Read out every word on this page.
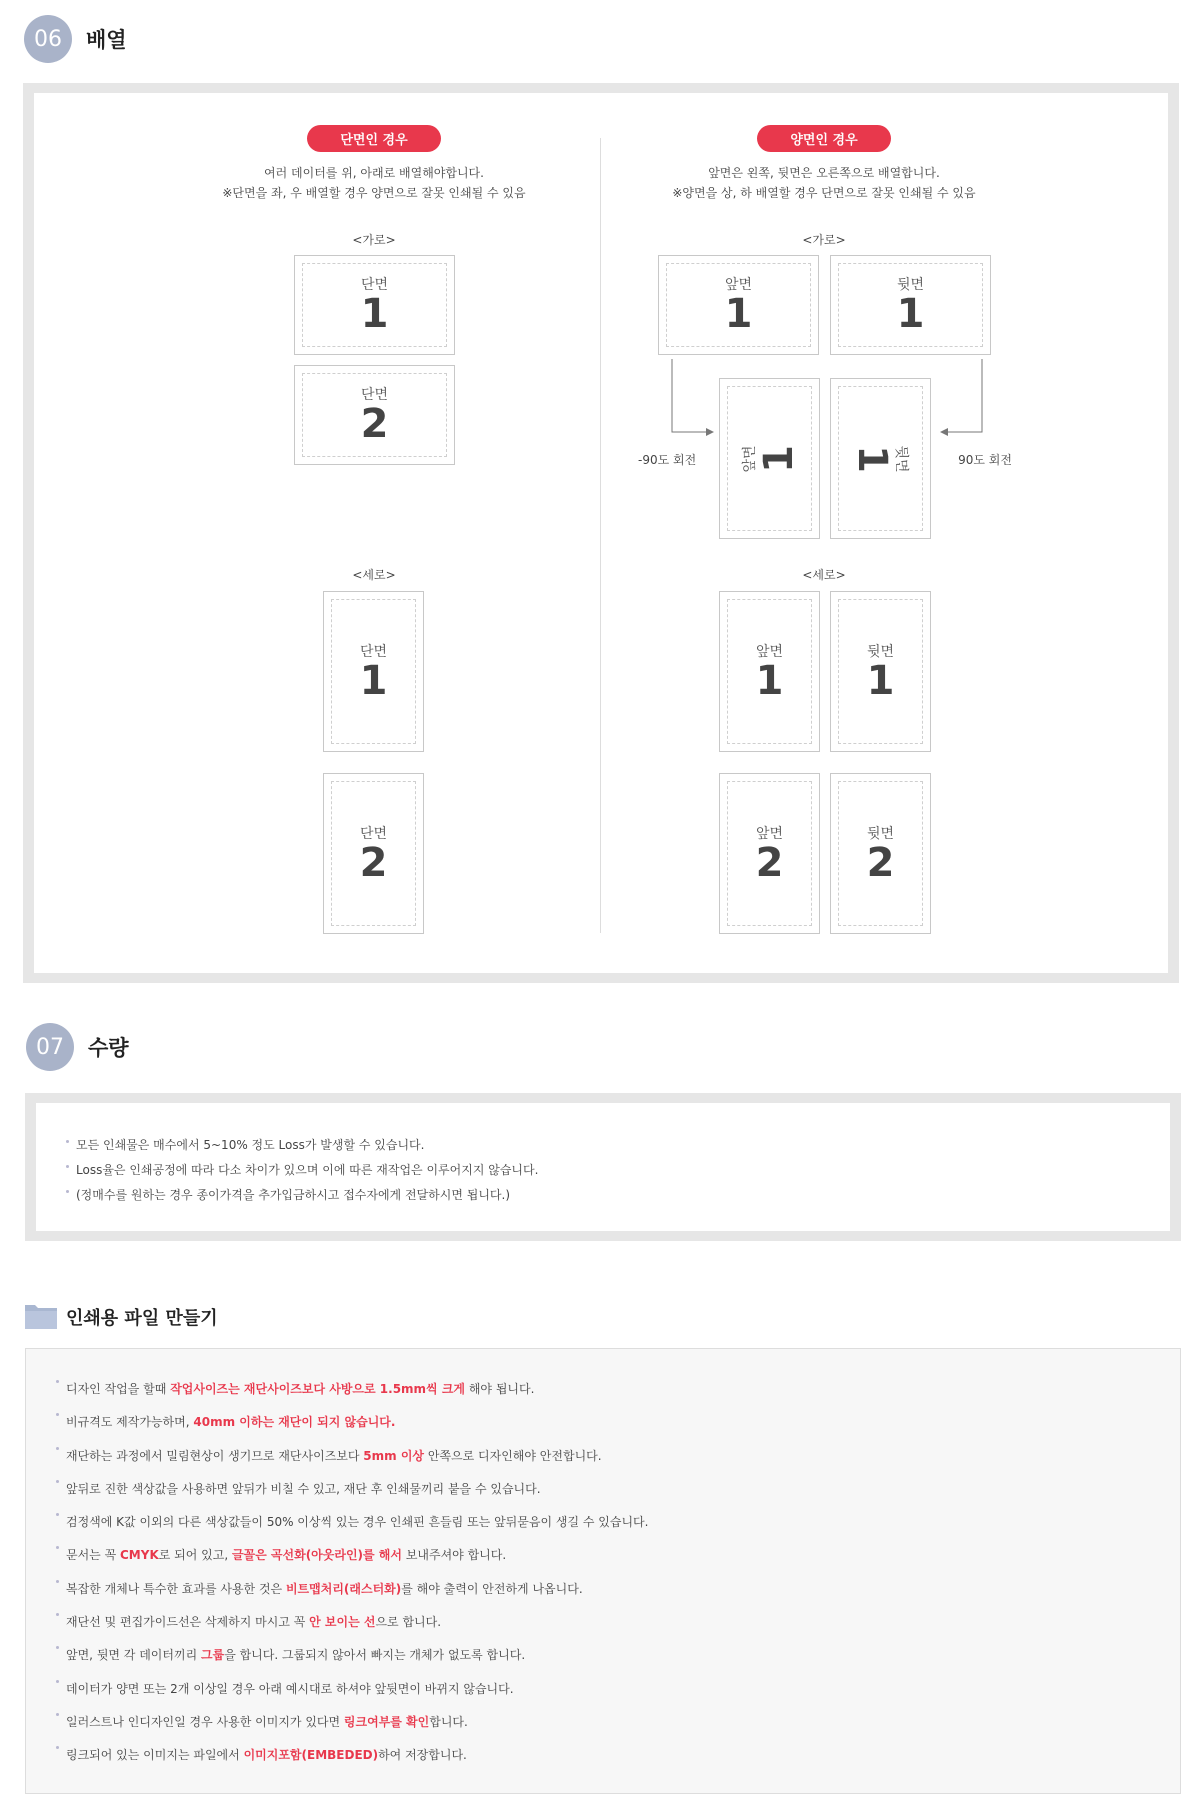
06	배열
단면인 경우
여러 데이터를 위, 아래로 배열해야합니다.
※단면을 좌, 우 배열할 경우 양면으로 잘못 인쇄될 수 있음
<가로>
단면
1
단면
2
<세로>
단면
1
단면
2
양면인 경우
앞면은 왼쪽, 뒷면은 오른쪽으로 배열합니다.
※양면을 상, 하 배열할 경우 단면으로 잘못 인쇄될 수 있음
<가로>
앞면
1
뒷면
1
-90도 회전	90도 회전
앞면
1	뒷면
1
<세로>
앞면
1
뒷면
1
앞면
2
뒷면
2
07	수량
모든 인쇄물은 매수에서 5~10% 정도 Loss가 발생할 수 있습니다.
Loss율은 인쇄공정에 따라 다소 차이가 있으며 이에 따른 재작업은 이루어지지 않습니다.
(정매수를 원하는 경우 종이가격을 추가입금하시고 접수자에게 전달하시면 됩니다.)
인쇄용 파일 만들기
디자인 작업을 할때 작업사이즈는 재단사이즈보다 사방으로 1.5mm씩 크게 해야 됩니다.
비규격도 제작가능하며, 40mm 이하는 재단이 되지 않습니다.
재단하는 과정에서 밀림현상이 생기므로 재단사이즈보다 5mm 이상 안쪽으로 디자인해야 안전합니다.
앞뒤로 진한 색상값을 사용하면 앞뒤가 비칠 수 있고, 재단 후 인쇄물끼리 붙을 수 있습니다.
검정색에 K값 이외의 다른 색상값들이 50% 이상씩 있는 경우 인쇄핀 흔들림 또는 앞뒤묻음이 생길 수 있습니다.
문서는 꼭 CMYK로 되어 있고, 글꼴은 곡선화(아웃라인)를 해서 보내주셔야 합니다.
복잡한 개체나 특수한 효과를 사용한 것은 비트맵처리(래스터화)를 해야 출력이 안전하게 나옵니다.
재단선 및 편집가이드선은 삭제하지 마시고 꼭 안 보이는 선으로 합니다.
앞면, 뒷면 각 데이터끼리 그룹을 합니다. 그룹되지 않아서 빠지는 개체가 없도록 합니다.
데이터가 양면 또는 2개 이상일 경우 아래 예시대로 하셔야 앞뒷면이 바뀌지 않습니다.
일러스트나 인디자인일 경우 사용한 이미지가 있다면 링크여부를 확인합니다.
링크되어 있는 이미지는 파일에서 이미지포함(EMBEDED)하여 저장합니다.
